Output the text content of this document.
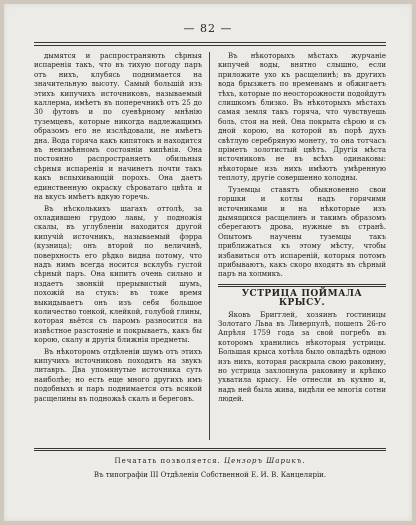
— 82 —

дымятся и распространяють сѣрныя испаренія такъ, что въ тихую погоду паръ отъ нихъ, клубясь поднимается на значительную высоту. Самый большій изъ этихъ кипучихъ источниковъ, называемый каллерма, имѣетъ въ поперечникѣ отъ 25 до 30 футовъ и по суевѣрному мнѣнію туземцевъ, которые никогда надлежащимъ образомъ его не изслѣдовали, не имѣетъ дна. Вода горяча какъ кипятокъ и находится въ неизмѣнномъ состояніи кипѣнія. Она постоянно распространяетъ обильныя сѣрныя испаренія и начинетъ почти такъ какъ вспыхивающій порохъ. Она даетъ единственную окраску сѣроватаго цвѣта и на вкусъ имѣетъ вдкую горечь.

Въ нѣсколькихъ шагахъ оттолѣ, за охладившею грудою лавы, у подножія скалы, въ углубленіи находится другой кипучій источникъ, называемый фэрра (кузница); онъ второй по величинѣ, поверхность его рѣдко видна потому, что надъ нимъ всегда носится всклубъ густой сѣрный паръ. Она кипитъ очень сильно и издаетъ звонкій прерывистый шумъ, похожій на стукъ: въ тоже время выкидываетъ онъ изъ себя большое количество тонкой, клейкой, голубой глины, которая вьётся съ паромъ разносится на извѣстное разстояніе и покрываетъ, какъ бы корою, скалу и другія ближнія предметы.

Въ нѣкоторомъ отдѣленіи шумъ отъ этихъ кипучихъ источниковъ походитъ на звукъ литавръ. Два упомянутые источника суть наиболѣе; но есть еще много другихъ имъ подобныхъ и паръ поднимается отъ всякой расщелины въ подножьѣ скалъ и береговъ.

Въ нѣкоторыхъ мѣстахъ журчаніе кипучей воды, внятно слышно, если приложите ухо къ расщелинѣ; въ другихъ вода брызжетъ по временамъ и обжигаетъ тѣхъ, которые по неосторожности подойдутъ слишкомъ близко. Въ нѣкоторыхъ мѣстахъ самая земля такъ горяча, что чувствуешь боль, стоя на ней. Она покрыта сѣрою и съ дной корою, на которой въ порѣ духъ свѣтлую серебряную монету, то она тотчасъ пріметъ золотистый цвѣтъ. Другія мѣста источниковъ не въ всѣхъ одинаковы: нѣкоторые изъ нихъ имѣютъ умѣренную теплоту, другіе совершенно холодны.

Туземцы ставятъ обыкновенно свои горшки и котлы надъ горячими источниками и на нѣкоторые изъ дымящихся расщелинъ и такимъ образомъ сберегаютъ дрова, нужные въ странѣ. Опытомъ научены туземцы такъ приближаться къ этому мѣсту, чтобы избавиться отъ испареній, которыя потомъ прибываютъ, какъ скоро входятъ въ сѣрный паръ на холмикъ.

УСТРИЦА ПОЙМАЛА КРЫСУ.

Яковъ Бригглей, хозяинъ гостиницы Золотаго Льва въ Ливерпулѣ, пошелъ 26-го Апрѣля 1759 года за свой погребъ въ которомъ хранились нѣкоторыя устрицы. Большая крыса хотѣла было овладѣть одною изъ нихъ, которая раскрыла свою раковину, но устрица захлопнула раковину и крѣпко ухватила крысу. Не отнесли въ кухню и, надъ ней была жива, видѣли ее многія сотни людей.

Печатать позволяется. Цензоръ Шарикъ.
Въ типографіи III Отдѣленія Собственной Е. И. В. Канцеляріи.
